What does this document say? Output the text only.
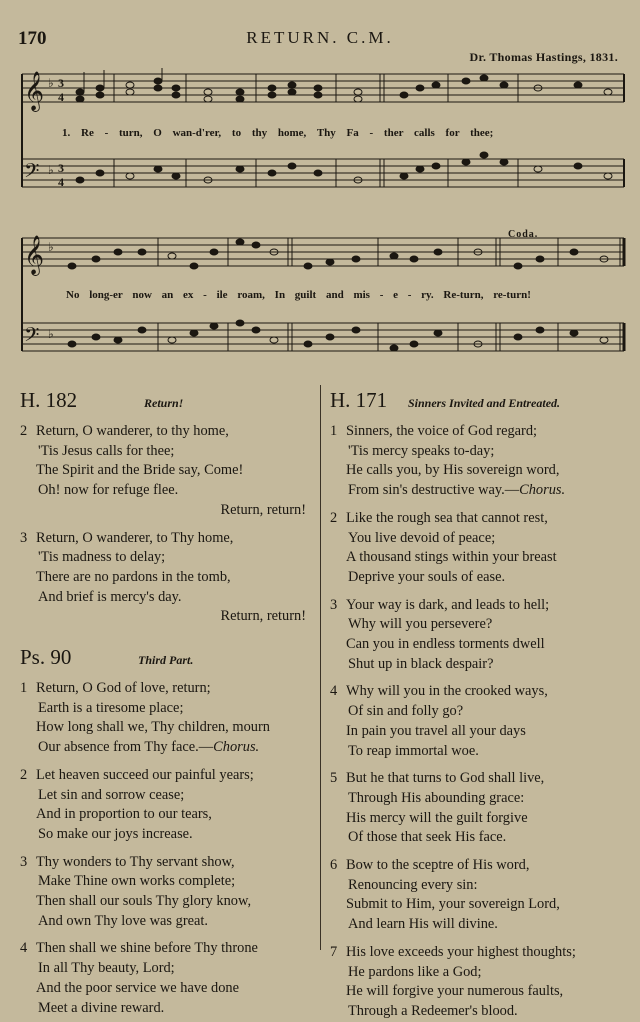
170	RETURN. C.M.
Dr. Thomas Hastings, 1831.
𝄞
𝄢
♭
♭
3
4
3
4
1. Re - turn, O wan-d'rer, to thy home, Thy Fa - ther calls for thee;
𝄞
𝄢
♭
♭
Coda.
No long-er now an ex - ile roam, In guilt and mis - e - ry. Re-turn, re-turn!
H. 182	Return!
2 Return, O wanderer, to thy home,
'Tis Jesus calls for thee;
The Spirit and the Bride say, Come!
Oh! now for refuge flee.
Return, return!
3 Return, O wanderer, to Thy home,
'Tis madness to delay;
There are no pardons in the tomb,
And brief is mercy's day.
Return, return!
Ps. 90	Third Part.
1 Return, O God of love, return;
Earth is a tiresome place;
How long shall we, Thy children, mourn
Our absence from Thy face.—Chorus.
2 Let heaven succeed our painful years;
Let sin and sorrow cease;
And in proportion to our tears,
So make our joys increase.
3 Thy wonders to Thy servant show,
Make Thine own works complete;
Then shall our souls Thy glory know,
And own Thy love was great.
4 Then shall we shine before Thy throne
In all Thy beauty, Lord;
And the poor service we have done
Meet a divine reward.
H. 171 Sinners Invited and Entreated.
1 Sinners, the voice of God regard;
'Tis mercy speaks to-day;
He calls you, by His sovereign word,
From sin's destructive way.—Chorus.
2 Like the rough sea that cannot rest,
You live devoid of peace;
A thousand stings within your breast
Deprive your souls of ease.
3 Your way is dark, and leads to hell;
Why will you persevere?
Can you in endless torments dwell
Shut up in black despair?
4 Why will you in the crooked ways,
Of sin and folly go?
In pain you travel all your days
To reap immortal woe.
5 But he that turns to God shall live,
Through His abounding grace:
His mercy will the guilt forgive
Of those that seek His face.
6 Bow to the sceptre of His word,
Renouncing every sin:
Submit to Him, your sovereign Lord,
And learn His will divine.
7 His love exceeds your highest thoughts;
He pardons like a God;
He will forgive your numerous faults,
Through a Redeemer's blood.
